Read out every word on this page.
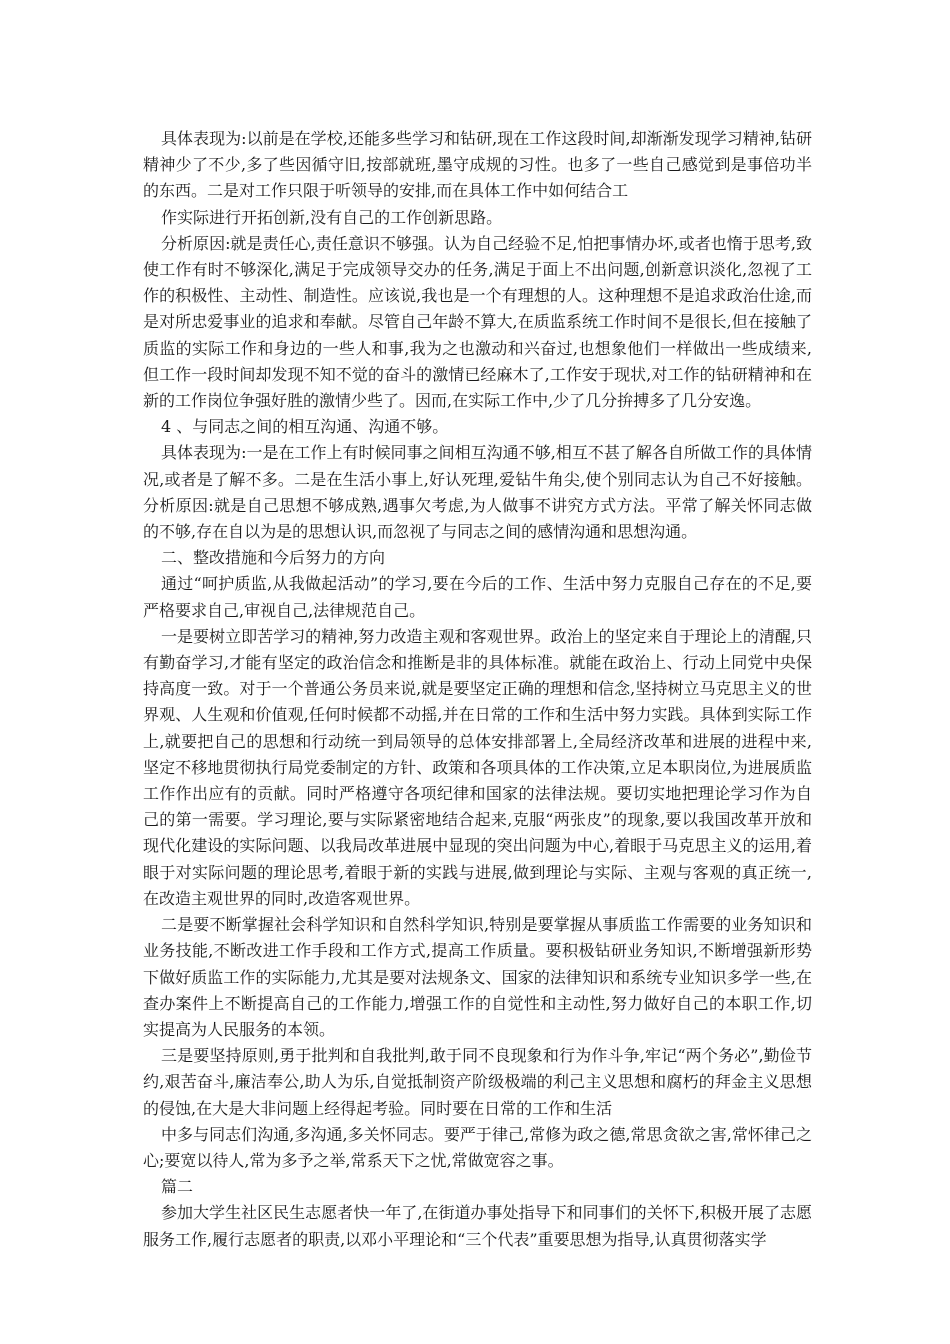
具体表现为:以前是在学校,还能多些学习和钻研,现在工作这段时间,却渐渐发现学习精神,钻研精神少了不少,多了些因循守旧,按部就班,墨守成规的习性。也多了一些自己感觉到是事倍功半的东西。二是对工作只限于听领导的安排,而在具体工作中如何结合工

作实际进行开拓创新,没有自己的工作创新思路。

分析原因:就是责任心,责任意识不够强。认为自己经验不足,怕把事情办坏,或者也惰于思考,致使工作有时不够深化,满足于完成领导交办的任务,满足于面上不出问题,创新意识淡化,忽视了工作的积极性、主动性、制造性。应该说,我也是一个有理想的人。这种理想不是追求政治仕途,而是对所忠爱事业的追求和奉献。尽管自己年龄不算大,在质监系统工作时间不是很长,但在接触了质监的实际工作和身边的一些人和事,我为之也激动和兴奋过,也想象他们一样做出一些成绩来,但工作一段时间却发现不知不觉的奋斗的激情已经麻木了,工作安于现状,对工作的钻研精神和在新的工作岗位争强好胜的激情少些了。因而,在实际工作中,少了几分拚搏多了几分安逸。

4 、与同志之间的相互沟通、沟通不够。

具体表现为:一是在工作上有时候同事之间相互沟通不够,相互不甚了解各自所做工作的具体情况,或者是了解不多。二是在生活小事上,好认死理,爱钻牛角尖,使个别同志认为自己不好接触。分析原因:就是自己思想不够成熟,遇事欠考虑,为人做事不讲究方式方法。平常了解关怀同志做的不够,存在自以为是的思想认识,而忽视了与同志之间的感情沟通和思想沟通。

二、整改措施和今后努力的方向

通过“呵护质监,从我做起活动”的学习,要在今后的工作、生活中努力克服自己存在的不足,要严格要求自己,审视自己,法律规范自己。

一是要树立即苦学习的精神,努力改造主观和客观世界。政治上的坚定来自于理论上的清醒,只有勤奋学习,才能有坚定的政治信念和推断是非的具体标准。就能在政治上、行动上同党中央保持高度一致。对于一个普通公务员来说,就是要坚定正确的理想和信念,坚持树立马克思主义的世界观、人生观和价值观,任何时候都不动摇,并在日常的工作和生活中努力实践。具体到实际工作上,就要把自己的思想和行动统一到局领导的总体安排部署上,全局经济改革和进展的进程中来,坚定不移地贯彻执行局党委制定的方针、政策和各项具体的工作决策,立足本职岗位,为进展质监工作作出应有的贡献。同时严格遵守各项纪律和国家的法律法规。要切实地把理论学习作为自己的第一需要。学习理论,要与实际紧密地结合起来,克服“两张皮”的现象,要以我国改革开放和现代化建设的实际问题、以我局改革进展中显现的突出问题为中心,着眼于马克思主义的运用,着眼于对实际问题的理论思考,着眼于新的实践与进展,做到理论与实际、主观与客观的真正统一,在改造主观世界的同时,改造客观世界。

二是要不断掌握社会科学知识和自然科学知识,特别是要掌握从事质监工作需要的业务知识和业务技能,不断改进工作手段和工作方式,提高工作质量。要积极钻研业务知识,不断增强新形势下做好质监工作的实际能力,尤其是要对法规条文、国家的法律知识和系统专业知识多学一些,在查办案件上不断提高自己的工作能力,增强工作的自觉性和主动性,努力做好自己的本职工作,切实提高为人民服务的本领。

三是要坚持原则,勇于批判和自我批判,敢于同不良现象和行为作斗争,牢记“两个务必”,勤俭节约,艰苦奋斗,廉洁奉公,助人为乐,自觉抵制资产阶级极端的利己主义思想和腐朽的拜金主义思想的侵蚀,在大是大非问题上经得起考验。同时要在日常的工作和生活

中多与同志们沟通,多沟通,多关怀同志。要严于律己,常修为政之德,常思贪欲之害,常怀律己之心;要宽以待人,常为多予之举,常系天下之忧,常做宽容之事。

篇二

参加大学生社区民生志愿者快一年了,在街道办事处指导下和同事们的关怀下,积极开展了志愿服务工作,履行志愿者的职责,以邓小平理论和“三个代表”重要思想为指导,认真贯彻落实学
